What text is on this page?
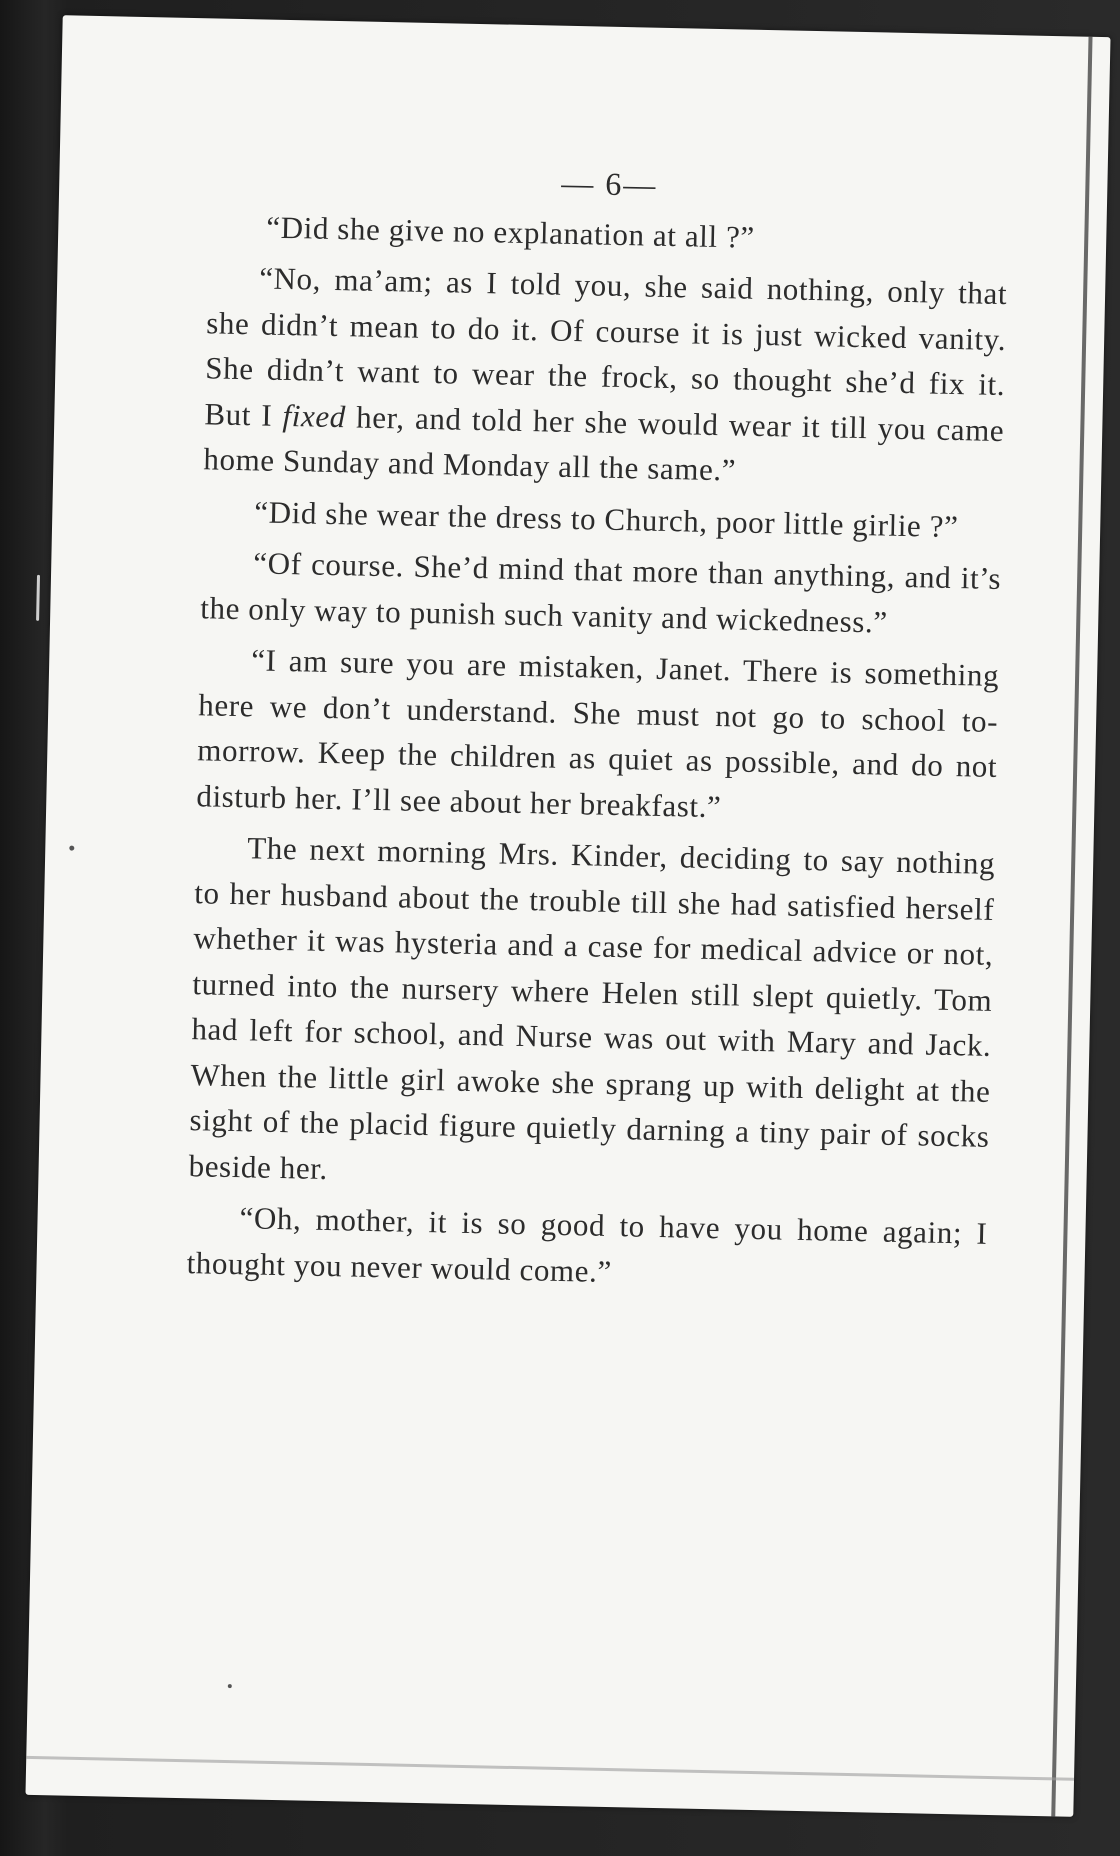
— 6—

“Did she give no explanation at all ?”

“No, ma’am; as I told you, she said nothing, only that she didn’t mean to do it. Of course it is just wicked vanity. She didn’t want to wear the frock, so thought she’d fix it. But I fixed her, and told her she would wear it till you came home Sunday and Monday all the same.”

“Did she wear the dress to Church, poor little girlie ?”

“Of course. She’d mind that more than anything, and it’s the only way to punish such vanity and wickedness.”

“I am sure you are mistaken, Janet. There is something here we don’t understand. She must not go to school to-morrow. Keep the children as quiet as possible, and do not disturb her. I’ll see about her breakfast.”

The next morning Mrs. Kinder, deciding to say nothing to her husband about the trouble till she had satisfied herself whether it was hysteria and a case for medical advice or not, turned into the nursery where Helen still slept quietly. Tom had left for school, and Nurse was out with Mary and Jack. When the little girl awoke she sprang up with delight at the sight of the placid figure quietly darning a tiny pair of socks beside her.

“Oh, mother, it is so good to have you home again; I thought you never would come.”
